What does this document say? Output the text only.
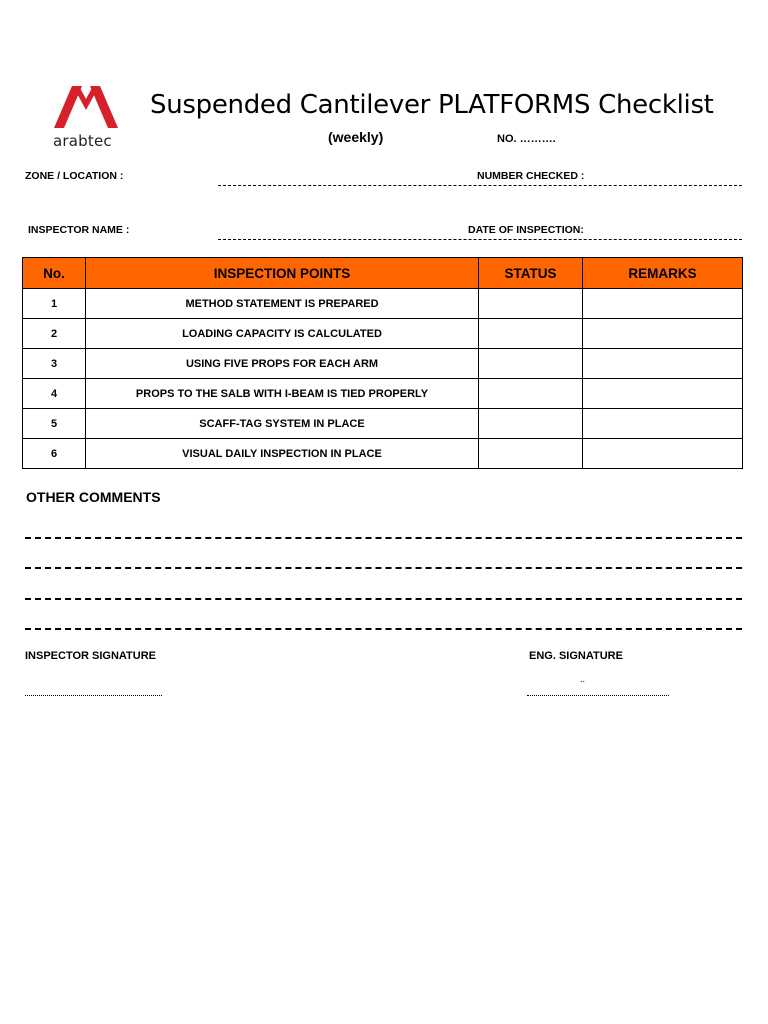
arabtec
Suspended Cantilever PLATFORMS Checklist
(weekly)	NO. ……….
ZONE / LOCATION :	NUMBER CHECKED :
INSPECTOR NAME :	DATE OF INSPECTION:
No.	INSPECTION POINTS	STATUS	REMARKS
1	METHOD STATEMENT IS PREPARED		
2	LOADING CAPACITY IS CALCULATED		
3	USING FIVE PROPS FOR EACH ARM		
4	PROPS TO THE SALB WITH I-BEAM IS TIED PROPERLY		
5	SCAFF-TAG SYSTEM IN PLACE		
6	VISUAL DAILY INSPECTION IN PLACE		
OTHER COMMENTS
INSPECTOR SIGNATURE	ENG. SIGNATURE
..
